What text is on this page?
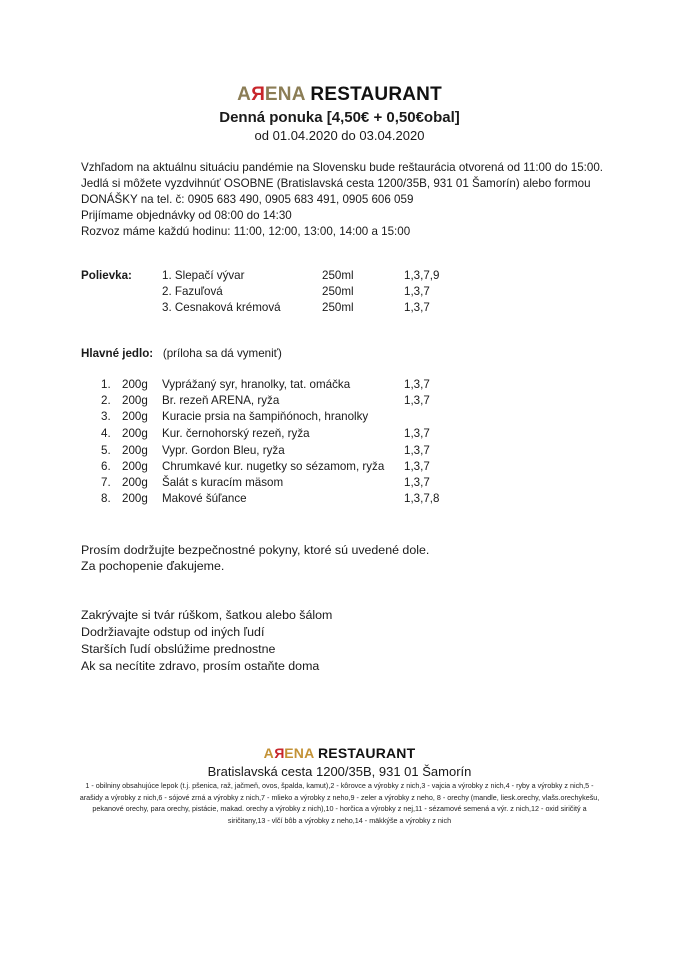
ARENA RESTAURANT
Denná ponuka [4,50€ + 0,50€obal]
od 01.04.2020 do 03.04.2020
Vzhľadom na aktuálnu situáciu pandémie na Slovensku bude reštaurácia otvorená od 11:00 do 15:00.
Jedlá si môžete vyzdvihnúť OSOBNE (Bratislavská cesta 1200/35B, 931 01 Šamorín) alebo formou
DONÁŠKY na tel. č: 0905 683 490, 0905 683 491, 0905 606 059
Prijímame objednávky od 08:00 do 14:30
Rozvoz máme každú hodinu: 11:00, 12:00, 13:00, 14:00 a 15:00
Polievka:	1. Slepačí vývar	250ml	1,3,7,9
2. Fazuľová	250ml	1,3,7
3. Cesnaková krémová	250ml	1,3,7
Hlavné jedlo: (príloha sa dá vymeniť)
1. 200g Vyprážaný syr, hranolky, tat. omáčka	1,3,7
2. 200g Br. rezeň ARENA, ryža	1,3,7
3. 200g Kuracie prsia na šampiňónoch, hranolky
4. 200g Kur. černohorský rezeň, ryža	1,3,7
5. 200g Vypr. Gordon Bleu, ryža	1,3,7
6. 200g Chrumkavé kur. nugetky so sézamom, ryža 1,3,7
7. 200g Šalát s kuracím mäsom	1,3,7
8. 200g Makové šúľance	1,3,7,8
Prosím dodržujte bezpečnostné pokyny, ktoré sú uvedené dole.
Za pochopenie ďakujeme.
Zakrývajte si tvár rúškom, šatkou alebo šálom
Dodržiavajte odstup od iných ľudí
Starších ľudí obslúžime prednostne
Ak sa necítite zdravo, prosím ostaňte doma
ARENA RESTAURANT
Bratislavská cesta 1200/35B, 931 01 Šamorín
1 - obilniny obsahujúce lepok (t.j. pšenica, raž, jačmeň, ovos, špalda, kamut),2 - kôrovce a výrobky z nich,3 - vajcia a výrobky z nich,4 - ryby a výrobky z nich,5 - arašidy a výrobky z nich,6 - sójové zrná a výrobky z nich,7 - mlieko a výrobky z neho,9 - zeler a výrobky z neho, 8 - orechy (mandle, liesk.orechy, vlašs.orechykešu, pekanové orechy, para orechy, pistácie, makad. orechy a výrobky z nich),10 - horčica a výrobky z nej,11 - sézamové semená a výr. z nich,12 - oxid siričitý a siričitany,13 - vlčí bôb a výrobky z neho,14 - mäkkýše a výrobky z nich
